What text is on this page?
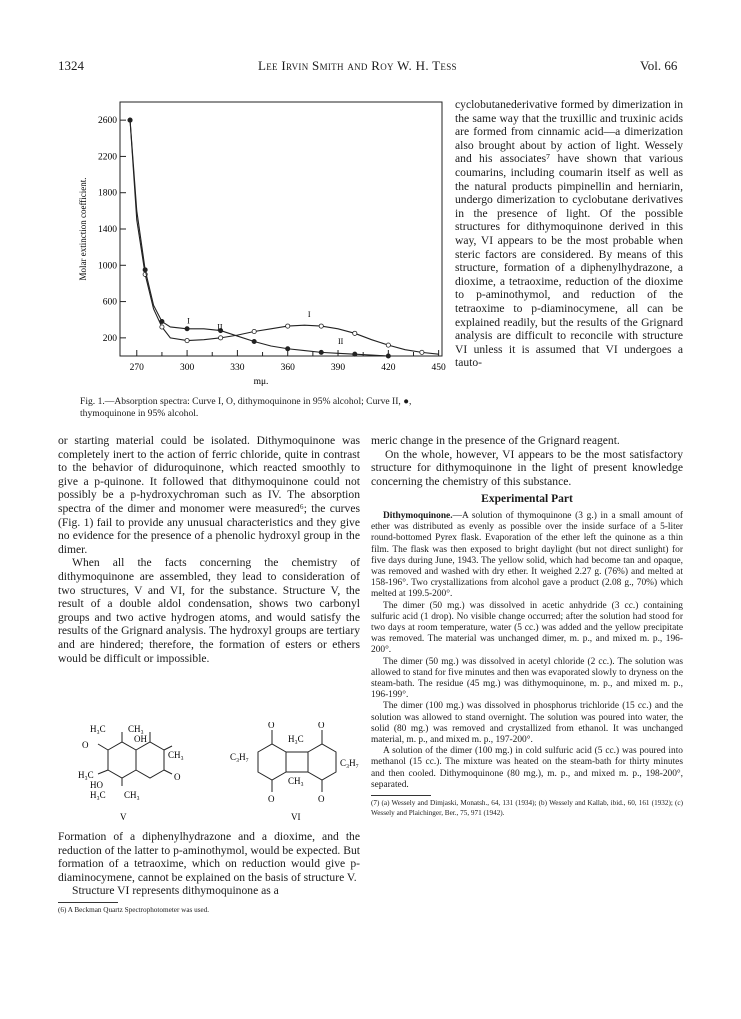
1324	Lee Irvin Smith and Roy W. H. Tess	Vol. 66
270	300	330	360	390	420	450
200
600
1000
1400
1800
2200
2600
mμ.
Molar extinction coefficient.
I
II
I
II
Fig. 1.—Absorption spectra: Curve I, O, dithymoquinone in 95% alcohol; Curve II, ●, thymoquinone in 95% alcohol.

cyclobutanederivative formed by dimerization in the same way that the truxillic and truxinic acids are formed from cinnamic acid—a dimerization also brought about by action of light. Wessely and his associates⁷ have shown that various coumarins, including coumarin itself as well as the natural products pimpinellin and herniarin, undergo dimerization to cyclobutane derivatives in the presence of light. Of the possible structures for dithymoquinone derived in this way, VI appears to be the most probable when steric factors are considered. By means of this structure, formation of a diphenylhydrazone, a dioxime, a tetraoxime, reduction of the dioxime to p-aminothymol, and reduction of the tetraoxime to p-diaminocymene, all can be explained readily, but the results of the Grignard analysis are difficult to reconcile with structure VI unless it is assumed that VI undergoes a tauto-

or starting material could be isolated. Dithymoquinone was completely inert to the action of ferric chloride, quite in contrast to the behavior of diduroquinone, which reacted smoothly to give a p-quinone. It followed that dithymoquinone could not possibly be a p-hydroxychroman such as IV. The absorption spectra of the dimer and monomer were measured⁶; the curves (Fig. 1) fail to provide any unusual characteristics and they give no evidence for the presence of a phenolic hydroxyl group in the dimer.

When all the facts concerning the chemistry of dithymoquinone are assembled, they lead to consideration of two structures, V and VI, for the substance. Structure V, the result of a double aldol condensation, shows two carbonyl groups and two active hydrogen atoms, and would satisfy the results of the Grignard analysis. The hydroxyl groups are tertiary and are hindered; therefore, the formation of esters or ethers would be difficult or impossible.

H₃C CH₃
OH
O
CH₃
H₃C	O
HO
H₃C CH₃
V
O	O
H₃C
C₃H₇
C₃H₇
CH₃
O	O
VI

Formation of a diphenylhydrazone and a dioxime, and the reduction of the latter to p-aminothymol, would be expected. But formation of a tetraoxime, which on reduction would give p-diaminocymene, cannot be explained on the basis of structure V.

Structure VI represents dithymoquinone as a

(6) A Beckman Quartz Spectrophotometer was used.

meric change in the presence of the Grignard reagent.

On the whole, however, VI appears to be the most satisfactory structure for dithymoquinone in the light of present knowledge concerning the chemistry of this substance.

Experimental Part

Dithymoquinone.—A solution of thymoquinone (3 g.) in a small amount of ether was distributed as evenly as possible over the inside surface of a 5-liter round-bottomed Pyrex flask. Evaporation of the ether left the quinone as a thin film. The flask was then exposed to bright daylight (but not direct sunlight) for five days during June, 1943. The yellow solid, which had become tan and opaque, was removed and washed with dry ether. It weighed 2.27 g. (76%) and melted at 158-196°. Two crystallizations from alcohol gave a product (2.08 g., 70%) which melted at 199.5-200°.

The dimer (50 mg.) was dissolved in acetic anhydride (3 cc.) containing sulfuric acid (1 drop). No visible change occurred; after the solution had stood for two days at room temperature, water (5 cc.) was added and the yellow precipitate was removed. The material was unchanged dimer, m. p., and mixed m. p., 196-200°.

The dimer (50 mg.) was dissolved in acetyl chloride (2 cc.). The solution was allowed to stand for five minutes and then was evaporated slowly to dryness on the steam-bath. The residue (45 mg.) was dithymoquinone, m. p., and mixed m. p., 196-199°.

The dimer (100 mg.) was dissolved in phosphorus trichloride (15 cc.) and the solution was allowed to stand overnight. The solution was poured into water, the solid (80 mg.) was removed and crystallized from ethanol. It was unchanged material, m. p., and mixed m. p., 197-200°.

A solution of the dimer (100 mg.) in cold sulfuric acid (5 cc.) was poured into methanol (15 cc.). The mixture was heated on the steam-bath for thirty minutes and then cooled. Dithymoquinone (80 mg.), m. p., and mixed m. p., 198-200°, separated.

(7) (a) Wessely and Dimjaski, Monatsh., 64, 131 (1934); (b) Wessely and Kallab, ibid., 60, 161 (1932); (c) Wessely and Plaichinger, Ber., 75, 971 (1942).
